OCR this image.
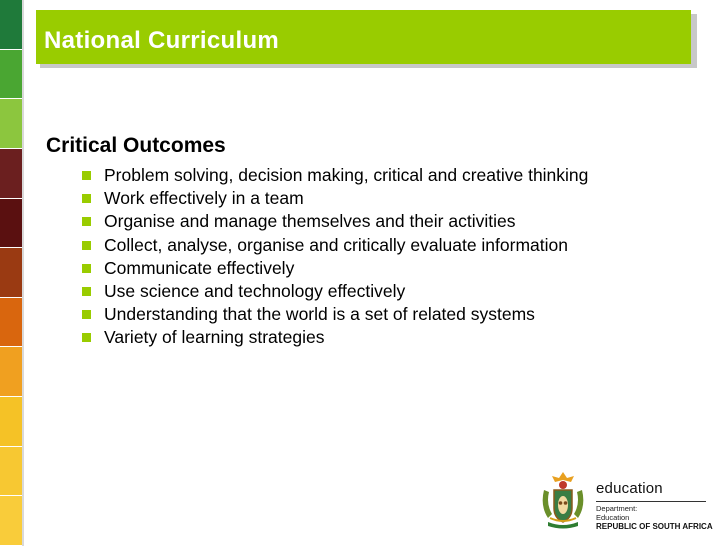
National Curriculum
Critical Outcomes
Problem solving, decision making, critical and creative thinking
Work effectively in a team
Organise and manage themselves and their activities
Collect, analyse, organise and critically evaluate information
Communicate effectively
Use science and technology effectively
Understanding that the world is a set of related systems
Variety of learning strategies
education
Department:
Education
REPUBLIC OF SOUTH AFRICA
